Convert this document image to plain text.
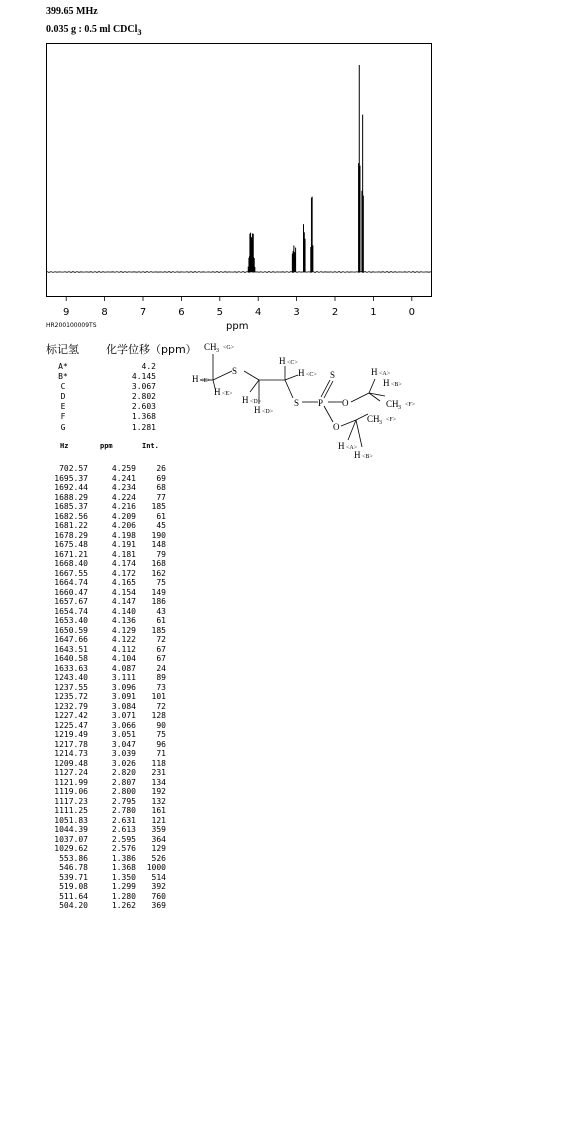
399.65 MHz
0.035 g : 0.5 ml CDCl$_3$
9	8	7	6	5	4	3	2	1	0
HR200100009TS	ppm
标记氢 化学位移（ppm）
A*	4.2
B*	4.145
C	3.067
D	2.802
E	2.603
F	1.368
G	1.281
Hz	ppm	Int.
702.57	4.259	26
1695.37	4.241	69
1692.44	4.234	68
1688.29	4.224	77
1685.37	4.216	185
1682.56	4.209	61
1681.22	4.206	45
1678.29	4.198	190
1675.48	4.191	148
1671.21	4.181	79
1668.40	4.174	168
1667.55	4.172	162
1664.74	4.165	75
1660.47	4.154	149
1657.67	4.147	186
1654.74	4.140	43
1653.40	4.136	61
1650.59	4.129	185
1647.66	4.122	72
1643.51	4.112	67
1640.58	4.104	67
1633.63	4.087	24
1243.40	3.111	89
1237.55	3.096	73
1235.72	3.091	101
1232.79	3.084	72
1227.42	3.071	128
1225.47	3.066	90
1219.49	3.051	75
1217.78	3.047	96
1214.73	3.039	71
1209.48	3.026	118
1127.24	2.820	231
1121.99	2.807	134
1119.06	2.800	192
1117.23	2.795	132
1111.25	2.780	161
1051.83	2.631	121
1044.39	2.613	359
1037.07	2.595	364
1029.62	2.576	129
553.86	1.386	526
546.78	1.368	1000
539.71	1.350	514
519.08	1.299	392
511.64	1.280	760
504.20	1.262	369
CH 3 <G>
S
H <E>
H <E>
H <D>
H <D>
H <C>
H <C>
S P
S
O
O
H <A>
H <B>
CH 3 <F>
CH 3 <F>
H <A>
H <B>
